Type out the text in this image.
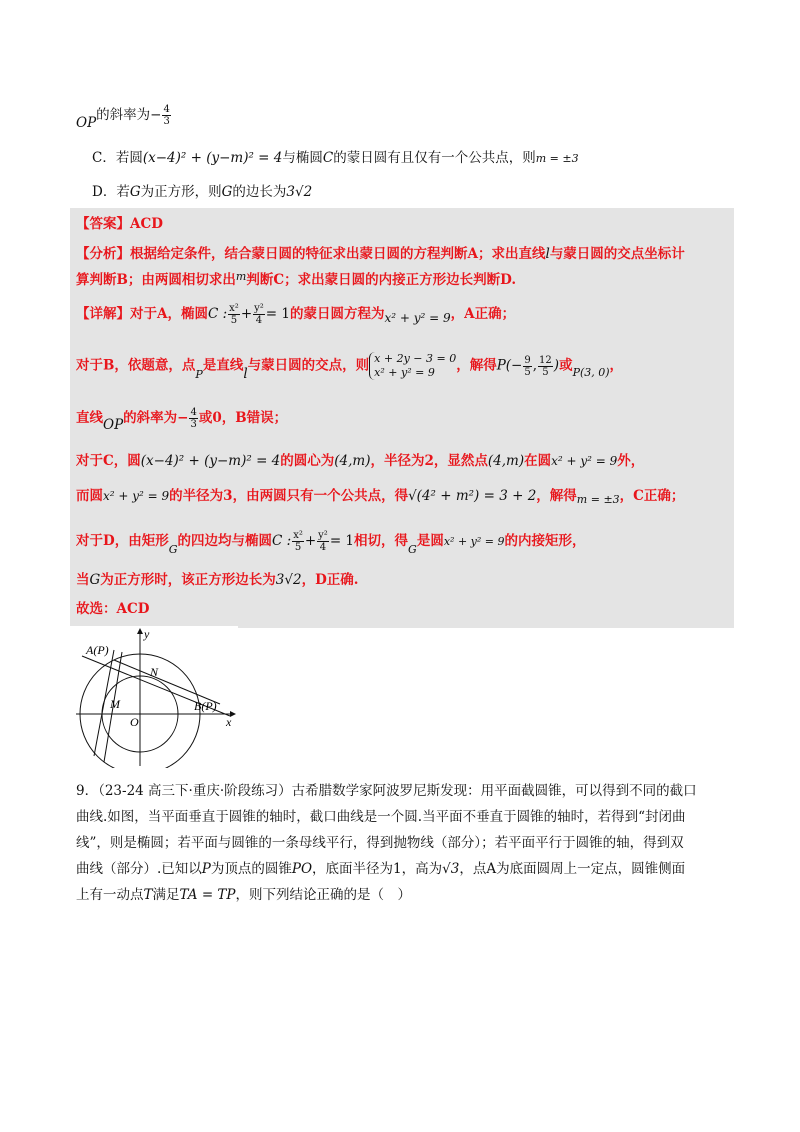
OP的斜率为− $\frac{4}{3}$
C．若圆(x−4)² + (y−m)² = 4与椭圆C的蒙日圆有且仅有一个公共点，则m = ±3
D．若G为正方形，则G的边长为3√2
【答案】ACD
【分析】根据给定条件，结合蒙日圆的特征求出蒙日圆的方程判断A；求出直线l与蒙日圆的交点坐标计
算判断B；由两圆相切求出$^m$判断C；求出蒙日圆的内接正方形边长判断D.
【详解】对于A，椭圆C : $\frac{\text{x²}}{5} + \frac{\text{y²}}{4} = 1$的蒙日圆方程为x² + y² = 9，A正确；
对于B，依题意，点$_P$是直线l与蒙日圆的交点，则 x + 2y − 3 = 0
x² + y² = 9	，解得$P(- \frac{9}{5}$ , $\frac{12}{5}$ )或$_{P(3, 0)}$，
直线OP的斜率为− $\frac{4}{3}$ 或0，B错误；
对于C，圆(x−4)² + (y−m)² = 4的圆心为(4,m)，半径为2，显然点(4,m)在圆x² + y² = 9外，
而圆x² + y² = 9的半径为3，由两圆只有一个公共点，得√(4² + m²) = 3 + 2，解得$_{m = \pm 3}$，C正确；
对于D，由矩形$_G$的四边均与椭圆C : $\frac{\text{x²}}{5} + \frac{\text{y²}}{4} = 1$相切，得$_G$是圆x² + y² = 9的内接矩形，
当G为正方形时，该正方形边长为3√2，D正确.
故选：ACD
y
x
O
A(P)
B(P)
N
M
9．（23-24 高三下·重庆·阶段练习）古希腊数学家阿波罗尼斯发现：用平面截圆锥，可以得到不同的截口
曲线.如图，当平面垂直于圆锥的轴时，截口曲线是一个圆.当平面不垂直于圆锥的轴时，若得到“封闭曲
线”，则是椭圆；若平面与圆锥的一条母线平行，得到抛物线（部分）；若平面平行于圆锥的轴，得到双
曲线（部分）.已知以P为顶点的圆锥PO，底面半径为1，高为√3，点A为底面圆周上一定点，圆锥侧面
上有一动点T满足TA = TP，则下列结论正确的是（　）
